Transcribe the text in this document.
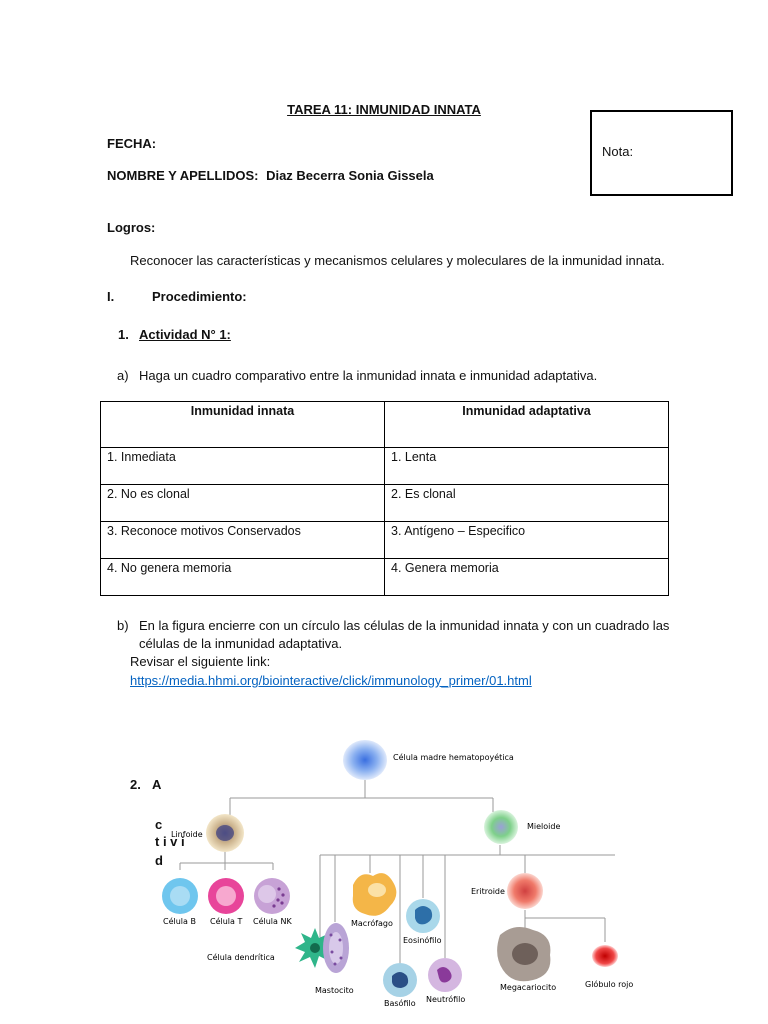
TAREA 11: INMUNIDAD INNATA
FECHA:
NOMBRE Y APELLIDOS: Diaz Becerra Sonia Gissela
Nota:
Logros:
Reconocer las características y mecanismos celulares y moleculares de la inmunidad innata.
I.	Procedimiento:
1. Actividad N° 1:
a) Haga un cuadro comparativo entre la inmunidad innata e inmunidad adaptativa.
Inmunidad innata	Inmunidad adaptativa
1. Inmediata	1. Lenta
2. No es clonal	2. Es clonal
3. Reconoce motivos Conservados	3. Antígeno – Especifico
4. No genera memoria	4. Genera memoria
b) En la figura encierre con un círculo las células de la inmunidad innata y con un cuadrado las
células de la inmunidad adaptativa.
Revisar el siguiente link:
https://media.hhmi.org/biointeractive/click/immunology_primer/01.html
2. A
c
t i v i
d
Célula madre hematopoyética
Linfoide
Mieloide
Célula B Célula T Célula NK
Célula dendrítica
Mastocito
Macrófago
Eosinófilo
Basófilo Neutrófilo
Eritroide
Megacariocito	Glóbulo rojo
